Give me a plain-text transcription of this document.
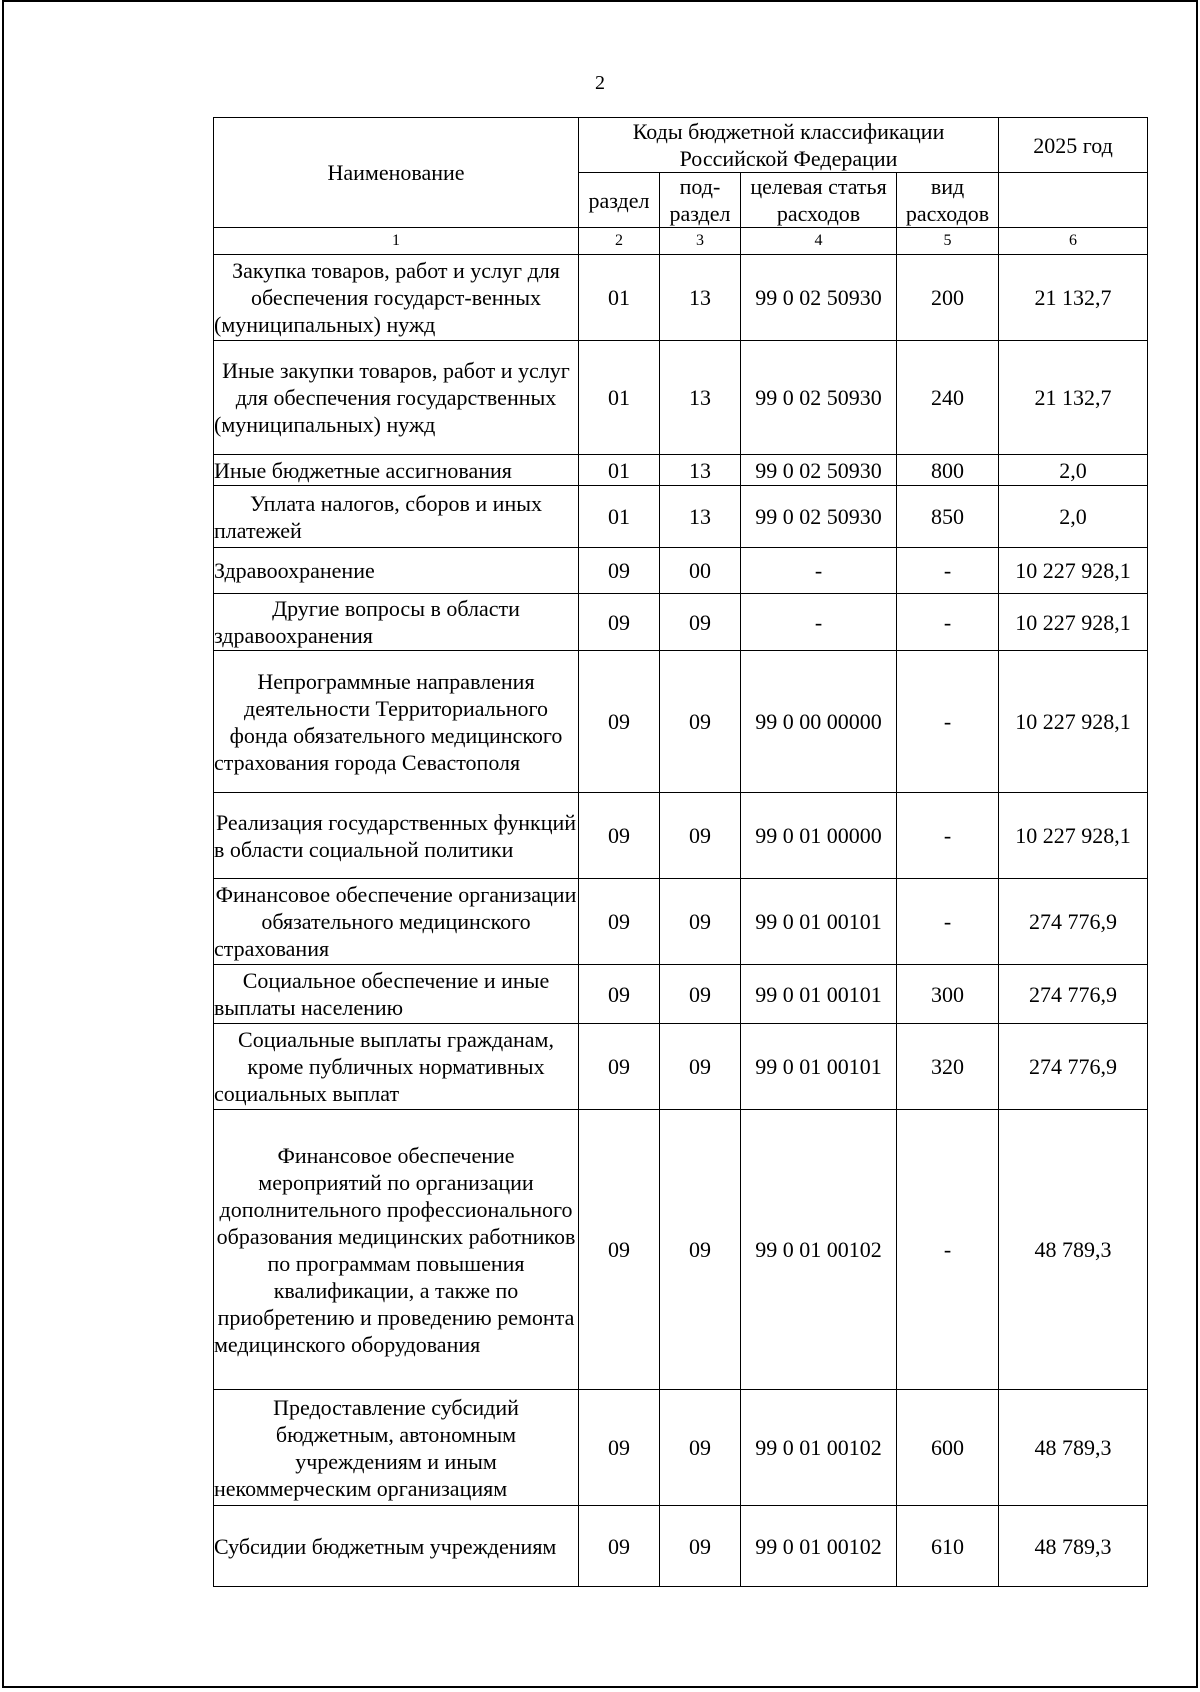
2
Наименование	Коды бюджетной классификации Российской Федерации				2025 год
	раздел	под-раздел	целевая статья расходов	вид расходов	
1	2	3	4	5	6
Закупка товаров, работ и услуг для обеспечения государст-венных (муниципальных) нужд	01	13	99 0 02 50930	200	21 132,7
Иные закупки товаров, работ и услуг для обеспечения государственных (муниципальных) нужд	01	13	99 0 02 50930	240	21 132,7
Иные бюджетные ассигнования	01	13	99 0 02 50930	800	2,0
Уплата налогов, сборов и иных платежей	01	13	99 0 02 50930	850	2,0
Здравоохранение	09	00	-	-	10 227 928,1
Другие вопросы в области здравоохранения	09	09	-	-	10 227 928,1
Непрограммные направления деятельности Территориального фонда обязательного медицинского страхования города Севастополя	09	09	99 0 00 00000	-	10 227 928,1
Реализация государственных функций в области социальной политики	09	09	99 0 01 00000	-	10 227 928,1
Финансовое обеспечение организации обязательного медицинского страхования	09	09	99 0 01 00101	-	274 776,9
Социальное обеспечение и иные выплаты населению	09	09	99 0 01 00101	300	274 776,9
Социальные выплаты гражданам, кроме публичных нормативных социальных выплат	09	09	99 0 01 00101	320	274 776,9
Финансовое обеспечение мероприятий по организации дополнительного профессионального образования медицинских работников по программам повышения квалификации, а также по приобретению и проведению ремонта медицинского оборудования	09	09	99 0 01 00102	-	48 789,3
Предоставление субсидий бюджетным, автономным учреждениям и иным некоммерческим организациям	09	09	99 0 01 00102	600	48 789,3
Субсидии бюджетным учреждениям	09	09	99 0 01 00102	610	48 789,3
